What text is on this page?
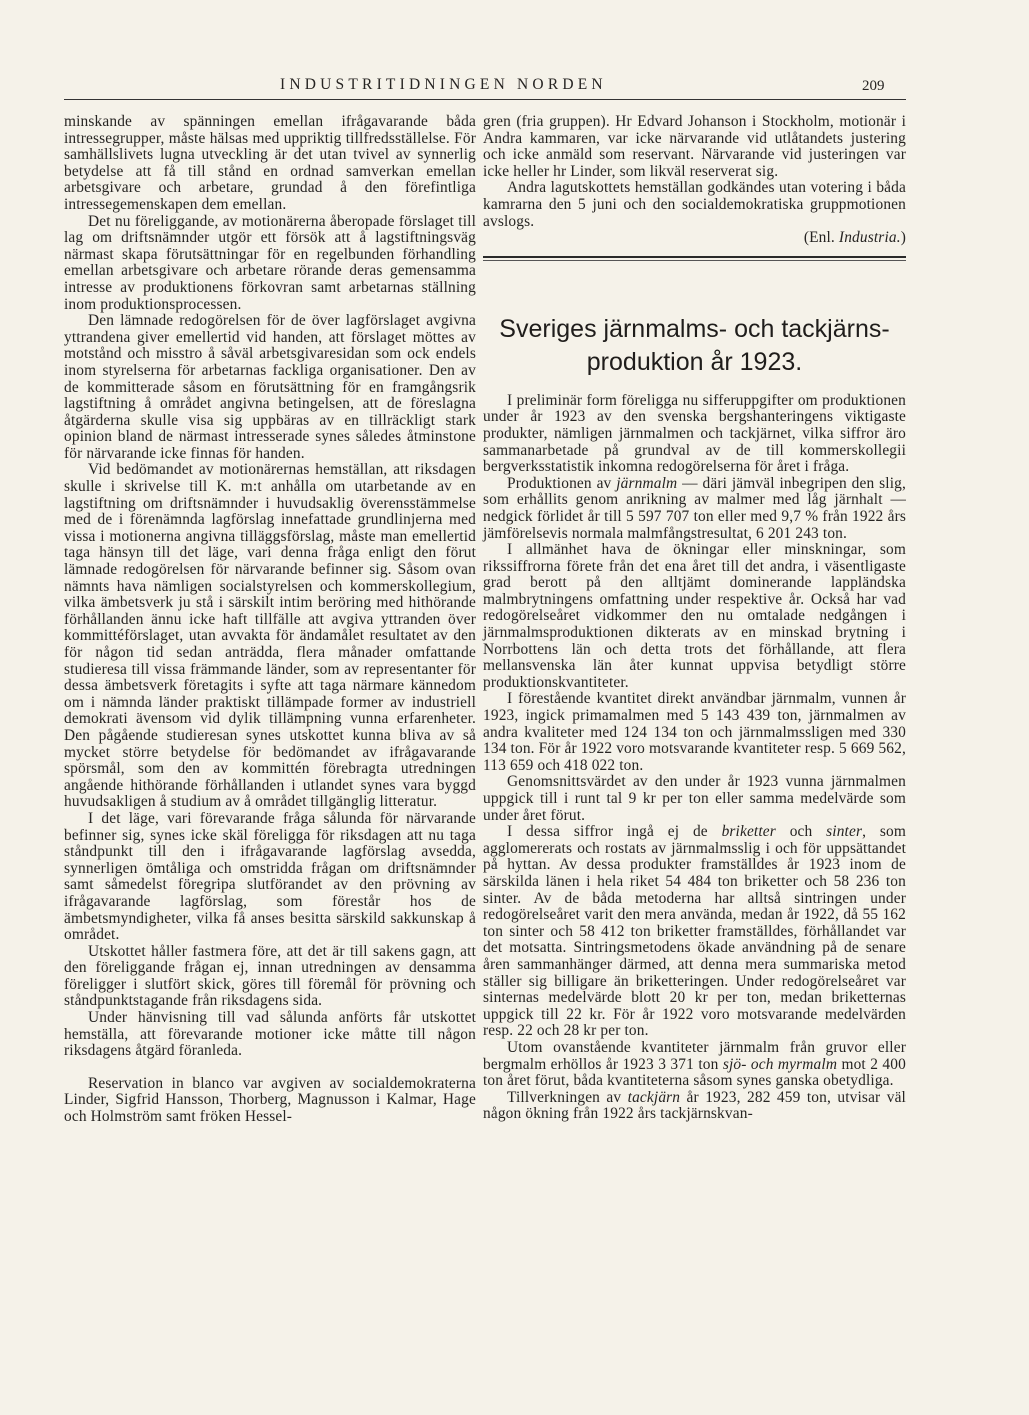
INDUSTRITIDNINGEN NORDEN	209

minskande av spänningen emellan ifrågavarande båda intressegrupper, måste hälsas med uppriktig tillfredsställelse. För samhällslivets lugna utveckling är det utan tvivel av synnerlig betydelse att få till stånd en ordnad samverkan emellan arbetsgivare och arbetare, grundad å den förefintliga intressegemenskapen dem emellan.

Det nu föreliggande, av motionärerna åberopade förslaget till lag om driftsnämnder utgör ett försök att å lagstiftningsväg närmast skapa förutsättningar för en regelbunden förhandling emellan arbetsgivare och arbetare rörande deras gemensamma intresse av produktionens förkovran samt arbetarnas ställning inom produktionsprocessen.

Den lämnade redogörelsen för de över lagförslaget avgivna yttrandena giver emellertid vid handen, att förslaget möttes av motstånd och misstro å såväl arbetsgivaresidan som ock endels inom styrelserna för arbetarnas fackliga organisationer. Den av de kommitterade såsom en förutsättning för en framgångsrik lagstiftning å området angivna betingelsen, att de föreslagna åtgärderna skulle visa sig uppbäras av en tillräckligt stark opinion bland de närmast intresserade synes således åtminstone för närvarande icke finnas för handen.

Vid bedömandet av motionärernas hemställan, att riksdagen skulle i skrivelse till K. m:t anhålla om utarbetande av en lagstiftning om driftsnämnder i huvudsaklig överensstämmelse med de i förenämnda lagförslag innefattade grundlinjerna med vissa i motionerna angivna tilläggsförslag, måste man emellertid taga hänsyn till det läge, vari denna fråga enligt den förut lämnade redogörelsen för närvarande befinner sig. Såsom ovan nämnts hava nämligen socialstyrelsen och kommerskollegium, vilka ämbetsverk ju stå i särskilt intim beröring med hithörande förhållanden ännu icke haft tillfälle att avgiva yttranden över kommittéförslaget, utan avvakta för ändamålet resultatet av den för någon tid sedan anträdda, flera månader omfattande studieresa till vissa främmande länder, som av representanter för dessa ämbetsverk företagits i syfte att taga närmare kännedom om i nämnda länder praktiskt tillämpade former av industriell demokrati ävensom vid dylik tillämpning vunna erfarenheter. Den pågående studieresan synes utskottet kunna bliva av så mycket större betydelse för bedömandet av ifrågavarande spörsmål, som den av kommittén förebragta utredningen angående hithörande förhållanden i utlandet synes vara byggd huvudsakligen å studium av å området tillgänglig litteratur.

I det läge, vari förevarande fråga sålunda för närvarande befinner sig, synes icke skäl föreligga för riksdagen att nu taga ståndpunkt till den i ifrågavarande lagförslag avsedda, synnerligen ömtåliga och omstridda frågan om driftsnämnder samt såmedelst föregripa slutförandet av den prövning av ifrågavarande lagförslag, som förestår hos de ämbetsmyndigheter, vilka få anses besitta särskild sakkunskap å området.

Utskottet håller fastmera före, att det är till sakens gagn, att den föreliggande frågan ej, innan utredningen av densamma föreligger i slutfört skick, göres till föremål för prövning och ståndpunktstagande från riksdagens sida.

Under hänvisning till vad sålunda anförts får utskottet hemställa, att förevarande motioner icke måtte till någon riksdagens åtgärd föranleda.

Reservation in blanco var avgiven av socialdemokraterna Linder, Sigfrid Hansson, Thorberg, Magnusson i Kalmar, Hage och Holmström samt fröken Hessel-

gren (fria gruppen). Hr Edvard Johanson i Stockholm, motionär i Andra kammaren, var icke närvarande vid utlåtandets justering och icke anmäld som reservant. Närvarande vid justeringen var icke heller hr Linder, som likväl reserverat sig.

Andra lagutskottets hemställan godkändes utan votering i båda kamrarna den 5 juni och den socialdemokratiska gruppmotionen avslogs.

(Enl. Industria.)

Sveriges järnmalms- och tackjärns-
produktion år 1923.

I preliminär form föreligga nu sifferuppgifter om produktionen under år 1923 av den svenska bergshanteringens viktigaste produkter, nämligen järnmalmen och tackjärnet, vilka siffror äro sammanarbetade på grundval av de till kommerskollegii bergverksstatistik inkomna redogörelserna för året i fråga.

Produktionen av järnmalm — däri jämväl inbegripen den slig, som erhållits genom anrikning av malmer med låg järnhalt — nedgick förlidet år till 5 597 707 ton eller med 9,7 % från 1922 års jämförelsevis normala malmfångstresultat, 6 201 243 ton.

I allmänhet hava de ökningar eller minskningar, som rikssiffrorna förete från det ena året till det andra, i väsentligaste grad berott på den alltjämt dominerande lappländska malmbrytningens omfattning under respektive år. Också har vad redogörelseåret vidkommer den nu omtalade nedgången i järnmalmsproduktionen dikterats av en minskad brytning i Norrbottens län och detta trots det förhållande, att flera mellansvenska län åter kunnat uppvisa betydligt större produktionskvantiteter.

I förestående kvantitet direkt användbar järnmalm, vunnen år 1923, ingick primamalmen med 5 143 439 ton, järnmalmen av andra kvaliteter med 124 134 ton och järnmalmssligen med 330 134 ton. För år 1922 voro motsvarande kvantiteter resp. 5 669 562, 113 659 och 418 022 ton.

Genomsnittsvärdet av den under år 1923 vunna järnmalmen uppgick till i runt tal 9 kr per ton eller samma medelvärde som under året förut.

I dessa siffror ingå ej de briketter och sinter, som agglomererats och rostats av järnmalmsslig i och för uppsättandet på hyttan. Av dessa produkter framställdes år 1923 inom de särskilda länen i hela riket 54 484 ton briketter och 58 236 ton sinter. Av de båda metoderna har alltså sintringen under redogörelseåret varit den mera använda, medan år 1922, då 55 162 ton sinter och 58 412 ton briketter framställdes, förhållandet var det motsatta. Sintringsmetodens ökade användning på de senare åren sammanhänger därmed, att denna mera summariska metod ställer sig billigare än briketteringen. Under redogörelseåret var sinternas medelvärde blott 20 kr per ton, medan briketternas uppgick till 22 kr. För år 1922 voro motsvarande medelvärden resp. 22 och 28 kr per ton.

Utom ovanstående kvantiteter järnmalm från gruvor eller bergmalm erhöllos år 1923 3 371 ton sjö- och myrmalm mot 2 400 ton året förut, båda kvantiteterna såsom synes ganska obetydliga.

Tillverkningen av tackjärn år 1923, 282 459 ton, utvisar väl någon ökning från 1922 års tackjärnskvan-
